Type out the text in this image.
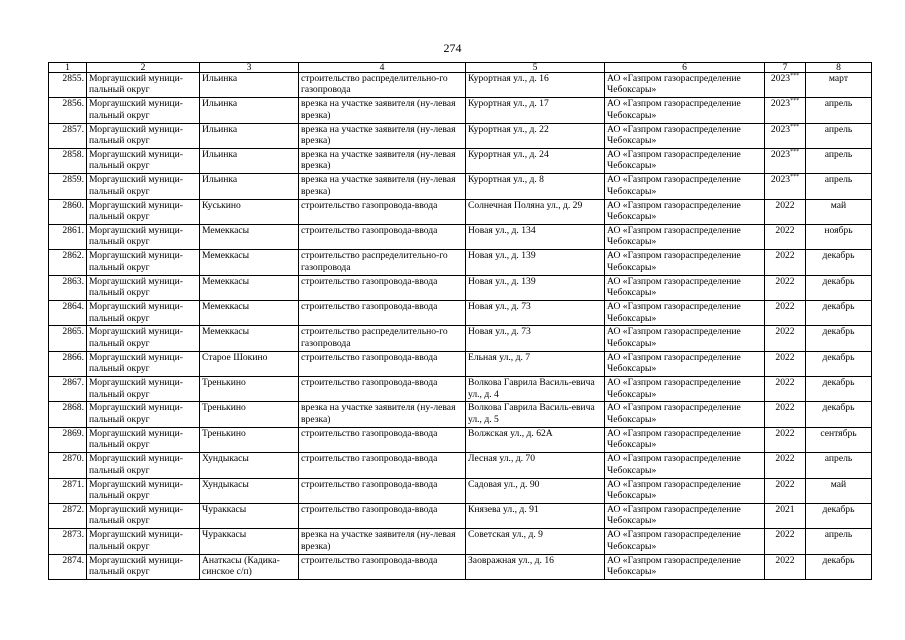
274
1	2	3	4	5	6	7	8
2855.	Моргаушский муници-пальный округ	Ильинка	строительство распределительно-го газопровода	Курортная ул., д. 16	АО «Газпром газораспределение Чебоксары»	2023***	март
2856.	Моргаушский муници-пальный округ	Ильинка	врезка на участке заявителя (ну-левая врезка)	Курортная ул., д. 17	АО «Газпром газораспределение Чебоксары»	2023***	апрель
2857.	Моргаушский муници-пальный округ	Ильинка	врезка на участке заявителя (ну-левая врезка)	Курортная ул., д. 22	АО «Газпром газораспределение Чебоксары»	2023***	апрель
2858.	Моргаушский муници-пальный округ	Ильинка	врезка на участке заявителя (ну-левая врезка)	Курортная ул., д. 24	АО «Газпром газораспределение Чебоксары»	2023***	апрель
2859.	Моргаушский муници-пальный округ	Ильинка	врезка на участке заявителя (ну-левая врезка)	Курортная ул., д. 8	АО «Газпром газораспределение Чебоксары»	2023***	апрель
2860.	Моргаушский муници-пальный округ	Куськино	строительство газопровода-ввода	Солнечная Поляна ул., д. 29	АО «Газпром газораспределение Чебоксары»	2022	май
2861.	Моргаушский муници-пальный округ	Мемеккасы	строительство газопровода-ввода	Новая ул., д. 134	АО «Газпром газораспределение Чебоксары»	2022	ноябрь
2862.	Моргаушский муници-пальный округ	Мемеккасы	строительство распределительно-го газопровода	Новая ул., д. 139	АО «Газпром газораспределение Чебоксары»	2022	декабрь
2863.	Моргаушский муници-пальный округ	Мемеккасы	строительство газопровода-ввода	Новая ул., д. 139	АО «Газпром газораспределение Чебоксары»	2022	декабрь
2864.	Моргаушский муници-пальный округ	Мемеккасы	строительство газопровода-ввода	Новая ул., д. 73	АО «Газпром газораспределение Чебоксары»	2022	декабрь
2865.	Моргаушский муници-пальный округ	Мемеккасы	строительство распределительно-го газопровода	Новая ул., д. 73	АО «Газпром газораспределение Чебоксары»	2022	декабрь
2866.	Моргаушский муници-пальный округ	Старое Шокино	строительство газопровода-ввода	Ельная ул., д. 7	АО «Газпром газораспределение Чебоксары»	2022	декабрь
2867.	Моргаушский муници-пальный округ	Тренькино	строительство газопровода-ввода	Волкова Гаврила Василь-евича ул., д. 4	АО «Газпром газораспределение Чебоксары»	2022	декабрь
2868.	Моргаушский муници-пальный округ	Тренькино	врезка на участке заявителя (ну-левая врезка)	Волкова Гаврила Василь-евича ул., д. 5	АО «Газпром газораспределение Чебоксары»	2022	декабрь
2869.	Моргаушский муници-пальный округ	Тренькино	строительство газопровода-ввода	Волжская ул., д. 62А	АО «Газпром газораспределение Чебоксары»	2022	сентябрь
2870.	Моргаушский муници-пальный округ	Хундыкасы	строительство газопровода-ввода	Лесная ул., д. 70	АО «Газпром газораспределение Чебоксары»	2022	апрель
2871.	Моргаушский муници-пальный округ	Хундыкасы	строительство газопровода-ввода	Садовая ул., д. 90	АО «Газпром газораспределение Чебоксары»	2022	май
2872.	Моргаушский муници-пальный округ	Чураккасы	строительство газопровода-ввода	Князева ул., д. 91	АО «Газпром газораспределение Чебоксары»	2021	декабрь
2873.	Моргаушский муници-пальный округ	Чураккасы	врезка на участке заявителя (ну-левая врезка)	Советская ул., д. 9	АО «Газпром газораспределение Чебоксары»	2022	апрель
2874.	Моргаушский муници-пальный округ	Анаткасы (Кадика-синское с/п)	строительство газопровода-ввода	Заовражная ул., д. 16	АО «Газпром газораспределение Чебоксары»	2022	декабрь
